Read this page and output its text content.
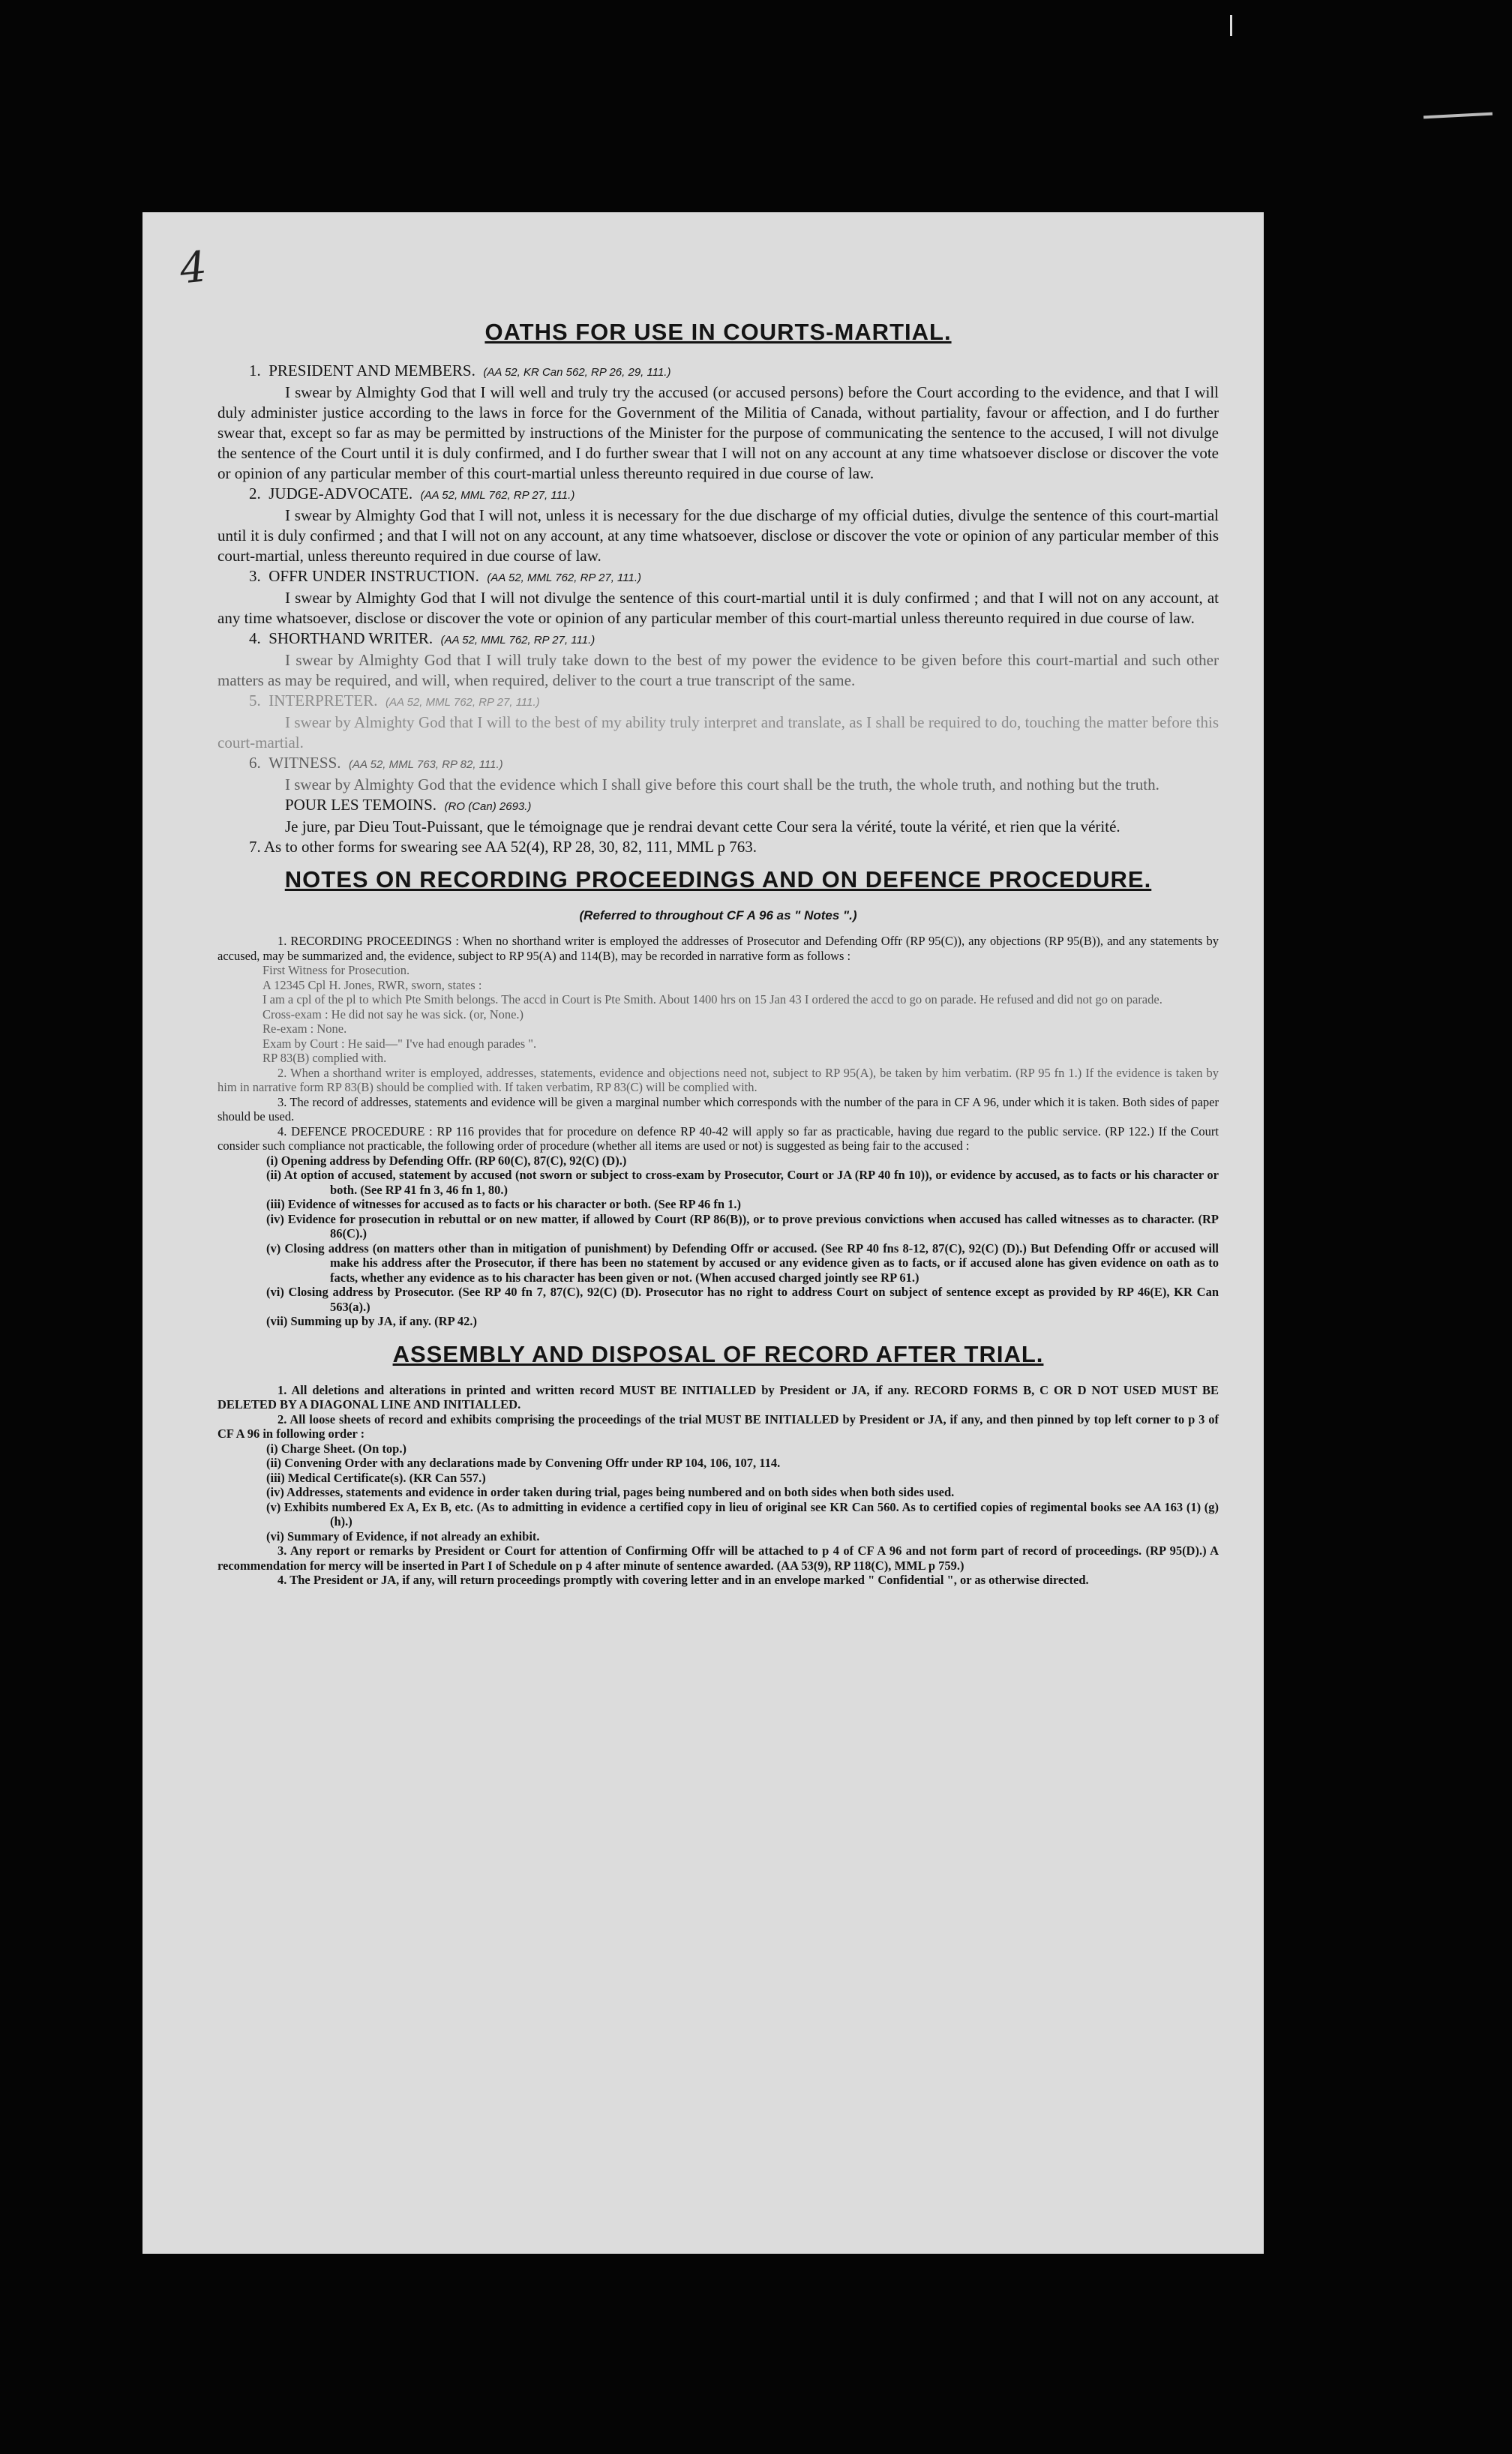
4
OATHS FOR USE IN COURTS-MARTIAL.
1. PRESIDENT AND MEMBERS. (AA 52, KR Can 562, RP 26, 29, 111.)

I swear by Almighty God that I will well and truly try the accused (or accused persons) before the Court according to the evidence, and that I will duly administer justice according to the laws in force for the Government of the Militia of Canada, without partiality, favour or affection, and I do further swear that, except so far as may be permitted by instructions of the Minister for the purpose of communicating the sentence to the accused, I will not divulge the sentence of the Court until it is duly confirmed, and I do further swear that I will not on any account at any time whatsoever disclose or discover the vote or opinion of any particular member of this court-martial unless thereunto required in due course of law.

2. JUDGE-ADVOCATE. (AA 52, MML 762, RP 27, 111.)

I swear by Almighty God that I will not, unless it is necessary for the due discharge of my official duties, divulge the sentence of this court-martial until it is duly confirmed ; and that I will not on any account, at any time whatsoever, disclose or discover the vote or opinion of any particular member of this court-martial, unless thereunto required in due course of law.

3. OFFR UNDER INSTRUCTION. (AA 52, MML 762, RP 27, 111.)

I swear by Almighty God that I will not divulge the sentence of this court-martial until it is duly confirmed ; and that I will not on any account, at any time whatsoever, disclose or discover the vote or opinion of any particular member of this court-martial unless thereunto required in due course of law.

4. SHORTHAND WRITER. (AA 52, MML 762, RP 27, 111.)

I swear by Almighty God that I will truly take down to the best of my power the evidence to be given before this court-martial and such other matters as may be required, and will, when required, deliver to the court a true transcript of the same.

5. INTERPRETER. (AA 52, MML 762, RP 27, 111.)

I swear by Almighty God that I will to the best of my ability truly interpret and translate, as I shall be required to do, touching the matter before this court-martial.

6. WITNESS. (AA 52, MML 763, RP 82, 111.)

I swear by Almighty God that the evidence which I shall give before this court shall be the truth, the whole truth, and nothing but the truth.

POUR LES TEMOINS. (RO (Can) 2693.)

Je jure, par Dieu Tout-Puissant, que le témoignage que je rendrai devant cette Cour sera la vérité, toute la vérité, et rien que la vérité.

7. As to other forms for swearing see AA 52(4), RP 28, 30, 82, 111, MML p 763.
NOTES ON RECORDING PROCEEDINGS AND ON DEFENCE PROCEDURE.
(Referred to throughout CF A 96 as " Notes ".)

1. RECORDING PROCEEDINGS : When no shorthand writer is employed the addresses of Prosecutor and Defending Offr (RP 95(C)), any objections (RP 95(B)), and any statements by accused, may be summarized and, the evidence, subject to RP 95(A) and 114(B), may be recorded in narrative form as follows :

First Witness for Prosecution.

A 12345 Cpl H. Jones, RWR, sworn, states :

I am a cpl of the pl to which Pte Smith belongs. The accd in Court is Pte Smith. About 1400 hrs on 15 Jan 43 I ordered the accd to go on parade. He refused and did not go on parade.

Cross-exam : He did not say he was sick. (or, None.)

Re-exam : None.

Exam by Court : He said—" I've had enough parades ".

RP 83(B) complied with.

2. When a shorthand writer is employed, addresses, statements, evidence and objections need not, subject to RP 95(A), be taken by him verbatim. (RP 95 fn 1.) If the evidence is taken by him in narrative form RP 83(B) should be complied with. If taken verbatim, RP 83(C) will be complied with.

3. The record of addresses, statements and evidence will be given a marginal number which corresponds with the number of the para in CF A 96, under which it is taken. Both sides of paper should be used.

4. DEFENCE PROCEDURE : RP 116 provides that for procedure on defence RP 40-42 will apply so far as practicable, having due regard to the public service. (RP 122.) If the Court consider such compliance not practicable, the following order of procedure (whether all items are used or not) is suggested as being fair to the accused :

(i) Opening address by Defending Offr. (RP 60(C), 87(C), 92(C) (D).)

(ii) At option of accused, statement by accused (not sworn or subject to cross-exam by Prosecutor, Court or JA (RP 40 fn 10)), or evidence by accused, as to facts or his character or both. (See RP 41 fn 3, 46 fn 1, 80.)

(iii) Evidence of witnesses for accused as to facts or his character or both. (See RP 46 fn 1.)

(iv) Evidence for prosecution in rebuttal or on new matter, if allowed by Court (RP 86(B)), or to prove previous convictions when accused has called witnesses as to character. (RP 86(C).)

(v) Closing address (on matters other than in mitigation of punishment) by Defending Offr or accused. (See RP 40 fns 8-12, 87(C), 92(C) (D).) But Defending Offr or accused will make his address after the Prosecutor, if there has been no statement by accused or any evidence given as to facts, or if accused alone has given evidence on oath as to facts, whether any evidence as to his character has been given or not. (When accused charged jointly see RP 61.)

(vi) Closing address by Prosecutor. (See RP 40 fn 7, 87(C), 92(C) (D). Prosecutor has no right to address Court on subject of sentence except as provided by RP 46(E), KR Can 563(a).)

(vii) Summing up by JA, if any. (RP 42.)

ASSEMBLY AND DISPOSAL OF RECORD AFTER TRIAL.

1. All deletions and alterations in printed and written record MUST BE INITIALLED by President or JA, if any. RECORD FORMS B, C OR D NOT USED MUST BE DELETED BY A DIAGONAL LINE AND INITIALLED.

2. All loose sheets of record and exhibits comprising the proceedings of the trial MUST BE INITIALLED by President or JA, if any, and then pinned by top left corner to p 3 of CF A 96 in following order :

(i) Charge Sheet. (On top.)

(ii) Convening Order with any declarations made by Convening Offr under RP 104, 106, 107, 114.

(iii) Medical Certificate(s). (KR Can 557.)

(iv) Addresses, statements and evidence in order taken during trial, pages being numbered and on both sides when both sides used.

(v) Exhibits numbered Ex A, Ex B, etc. (As to admitting in evidence a certified copy in lieu of original see KR Can 560. As to certified copies of regimental books see AA 163 (1) (g) (h).)

(vi) Summary of Evidence, if not already an exhibit.

3. Any report or remarks by President or Court for attention of Confirming Offr will be attached to p 4 of CF A 96 and not form part of record of proceedings. (RP 95(D).) A recommendation for mercy will be inserted in Part I of Schedule on p 4 after minute of sentence awarded. (AA 53(9), RP 118(C), MML p 759.)

4. The President or JA, if any, will return proceedings promptly with covering letter and in an envelope marked " Confidential ", or as otherwise directed.
